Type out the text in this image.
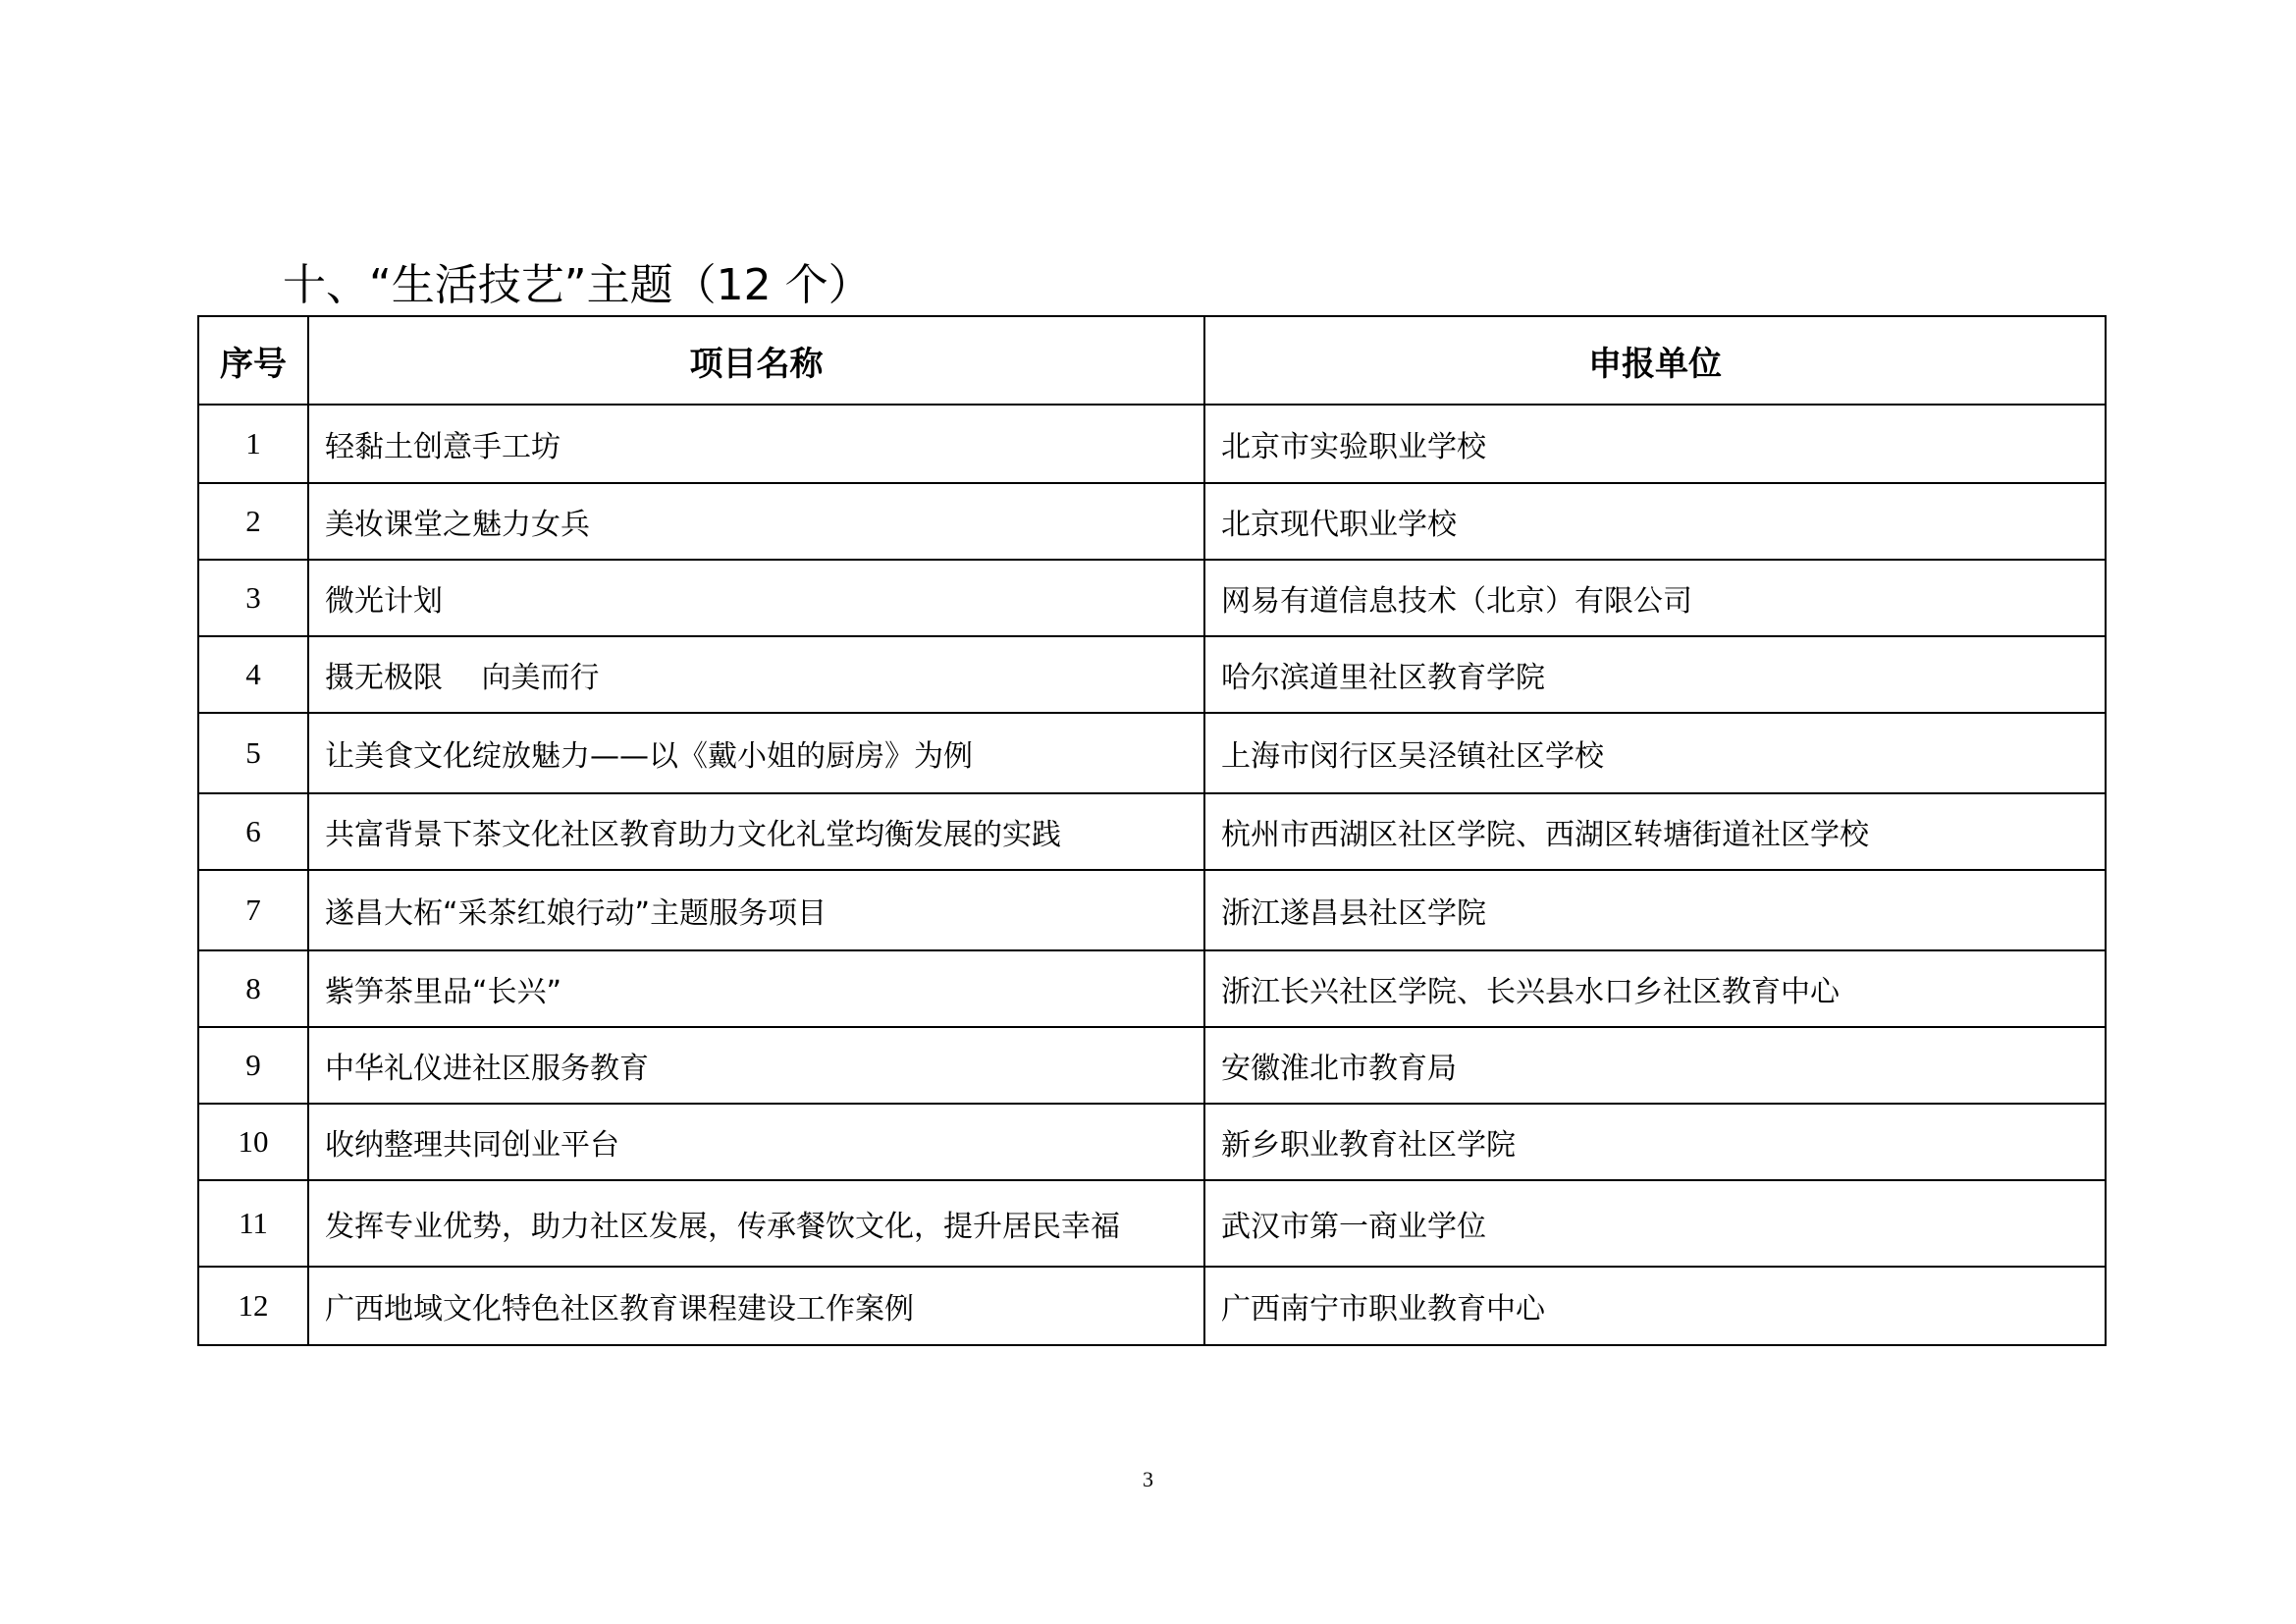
十、“生活技艺”主题（12 个）
序号	项目名称	申报单位
1	轻黏土创意手工坊	北京市实验职业学校
2	美妆课堂之魅力女兵	北京现代职业学校
3	微光计划	网易有道信息技术（北京）有限公司
4	摄无极限　 向美而行	哈尔滨道里社区教育学院
5	让美食文化绽放魅力——以《戴小姐的厨房》为例	上海市闵行区吴泾镇社区学校
6	共富背景下茶文化社区教育助力文化礼堂均衡发展的实践	杭州市西湖区社区学院、西湖区转塘街道社区学校
7	遂昌大柘“采茶红娘行动”主题服务项目	浙江遂昌县社区学院
8	紫笋茶里品“长兴”	浙江长兴社区学院、长兴县水口乡社区教育中心
9	中华礼仪进社区服务教育	安徽淮北市教育局
10	收纳整理共同创业平台	新乡职业教育社区学院
11	发挥专业优势，助力社区发展，传承餐饮文化，提升居民幸福	武汉市第一商业学位
12	广西地域文化特色社区教育课程建设工作案例	广西南宁市职业教育中心
3
